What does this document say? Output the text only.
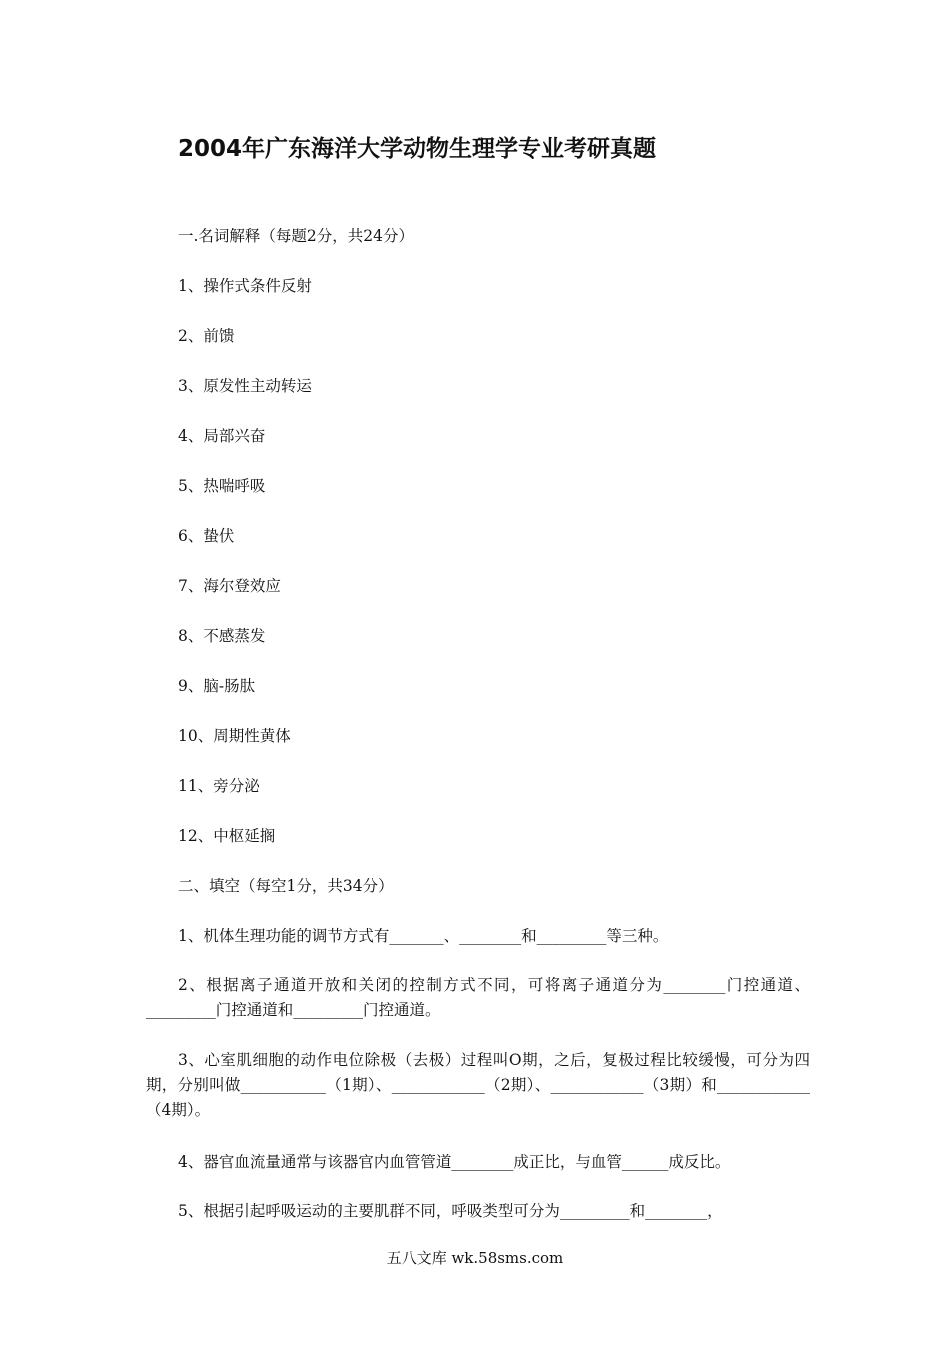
2004年广东海洋大学动物生理学专业考研真题
一.名词解释（每题2分，共24分）
1、操作式条件反射
2、前馈
3、原发性主动转运
4、局部兴奋
5、热喘呼吸
6、蛰伏
7、海尔登效应
8、不感蒸发
9、脑-肠肽
10、周期性黄体
11、旁分泌
12、中枢延搁
二、填空（每空1分，共34分）
1、机体生理功能的调节方式有_______、________和_________等三种。
2、根据离子通道开放和关闭的控制方式不同，可将离子通道分为________门控通道、_________门控通道和_________门控通道。
3、心室肌细胞的动作电位除极（去极）过程叫O期，之后，复极过程比较缓慢，可分为四期，分别叫做___________（1期）、____________（2期）、____________（3期）和____________（4期）。
4、器官血流量通常与该器官内血管管道________成正比，与血管______成反比。
5、根据引起呼吸运动的主要肌群不同，呼吸类型可分为_________和________，
五八文库 wk.58sms.com
